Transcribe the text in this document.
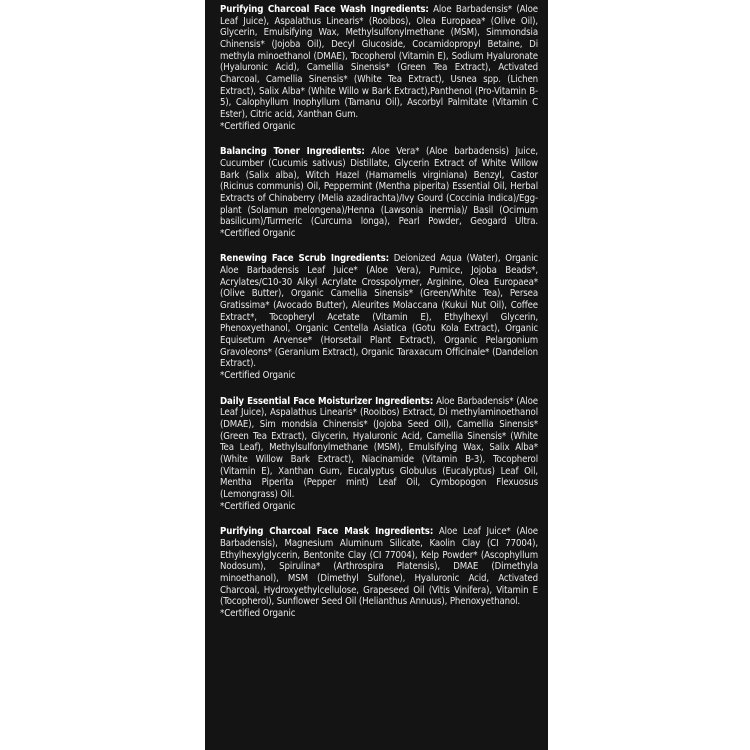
Purifying Charcoal Face Wash Ingredients: Aloe Barbadensis* (Aloe Leaf Juice), Aspalathus Linearis* (Rooibos), Olea Europaea* (Olive Oil), Glycerin, Emulsifying Wax, Methylsulfonylmethane (MSM), Simmondsia Chinensis* (Jojoba Oil), Decyl Glucoside, Cocamidopropyl Betaine, Di methyla minoethanol (DMAE), Tocopherol (Vitamin E), Sodium Hyaluronate (Hyaluronic Acid), Camellia Sinensis* (Green Tea Extract), Activated Charcoal, Camellia Sinensis* (White Tea Extract), Usnea spp. (Lichen Extract), Salix Alba* (White Willo w Bark Extract),Panthenol (Pro-Vitamin B-5), Calophyllum Inophyllum (Tamanu Oil), Ascorbyl Palmitate (Vitamin C Ester), Citric acid, Xanthan Gum.
*Certified Organic
Balancing Toner Ingredients: Aloe Vera* (Aloe barbadensis) Juice, Cucumber (Cucumis sativus) Distillate, Glycerin Extract of White Willow Bark (Salix alba), Witch Hazel (Hamamelis virginiana) Benzyl, Castor (Ricinus communis) Oil, Peppermint (Mentha piperita) Essential Oil, Herbal Extracts of Chinaberry (Melia azadirachta)/Ivy Gourd (Coccinia Indica)/Egg- plant (Solamun melongena)/Henna (Lawsonia inermia)/ Basil (Ocimum basilicum)/Turmeric (Curcuma longa), Pearl Powder, Geogard Ultra. *Certified Organic
Renewing Face Scrub Ingredients: Deionized Aqua (Water), Organic Aloe Barbadensis Leaf Juice* (Aloe Vera), Pumice, Jojoba Beads*, Acrylates/C10-30 Alkyl Acrylate Crosspolymer, Arginine, Olea Europaea* (Olive Butter), Organic Camellia Sinensis* (Green/White Tea), Persea Gratissima* (Avocado Butter), Aleurites Molaccana (Kukui Nut Oil), Coffee Extract*, Tocopheryl Acetate (Vitamin E), Ethylhexyl Glycerin, Phenoxyethanol, Organic Centella Asiatica (Gotu Kola Extract), Organic Equisetum Arvense* (Horsetail Plant Extract), Organic Pelargonium Gravoleons* (Geranium Extract), Organic Taraxacum Officinale* (Dandelion Extract).
*Certified Organic
Daily Essential Face Moisturizer Ingredients: Aloe Barbadensis* (Aloe Leaf Juice), Aspalathus Linearis* (Rooibos) Extract, Di methylaminoethanol (DMAE), Sim mondsia Chinensis* (Jojoba Seed Oil), Camellia Sinensis* (Green Tea Extract), Glycerin, Hyaluronic Acid, Camellia Sinensis* (White Tea Leaf), Methylsulfonylmethane (MSM), Emulsifying Wax, Salix Alba* (White Willow Bark Extract), Niacinamide (Vitamin B-3), Tocopherol (Vitamin E), Xanthan Gum, Eucalyptus Globulus (Eucalyptus) Leaf Oil, Mentha Piperita (Pepper mint) Leaf Oil, Cymbopogon Flexuosus (Lemongrass) Oil.
*Certified Organic
Purifying Charcoal Face Mask Ingredients: Aloe Leaf Juice* (Aloe Barbadensis), Magnesium Aluminum Silicate, Kaolin Clay (CI 77004), Ethylhexylglycerin, Bentonite Clay (CI 77004), Kelp Powder* (Ascophyllum Nodosum), Spirulina* (Arthrospira Platensis), DMAE (Dimethyla minoethanol), MSM (Dimethyl Sulfone), Hyaluronic Acid, Activated Charcoal, Hydroxyethylcellulose, Grapeseed Oil (Vitis Vinifera), Vitamin E (Tocopherol), Sunflower Seed Oil (Helianthus Annuus), Phenoxyethanol.
*Certified Organic
